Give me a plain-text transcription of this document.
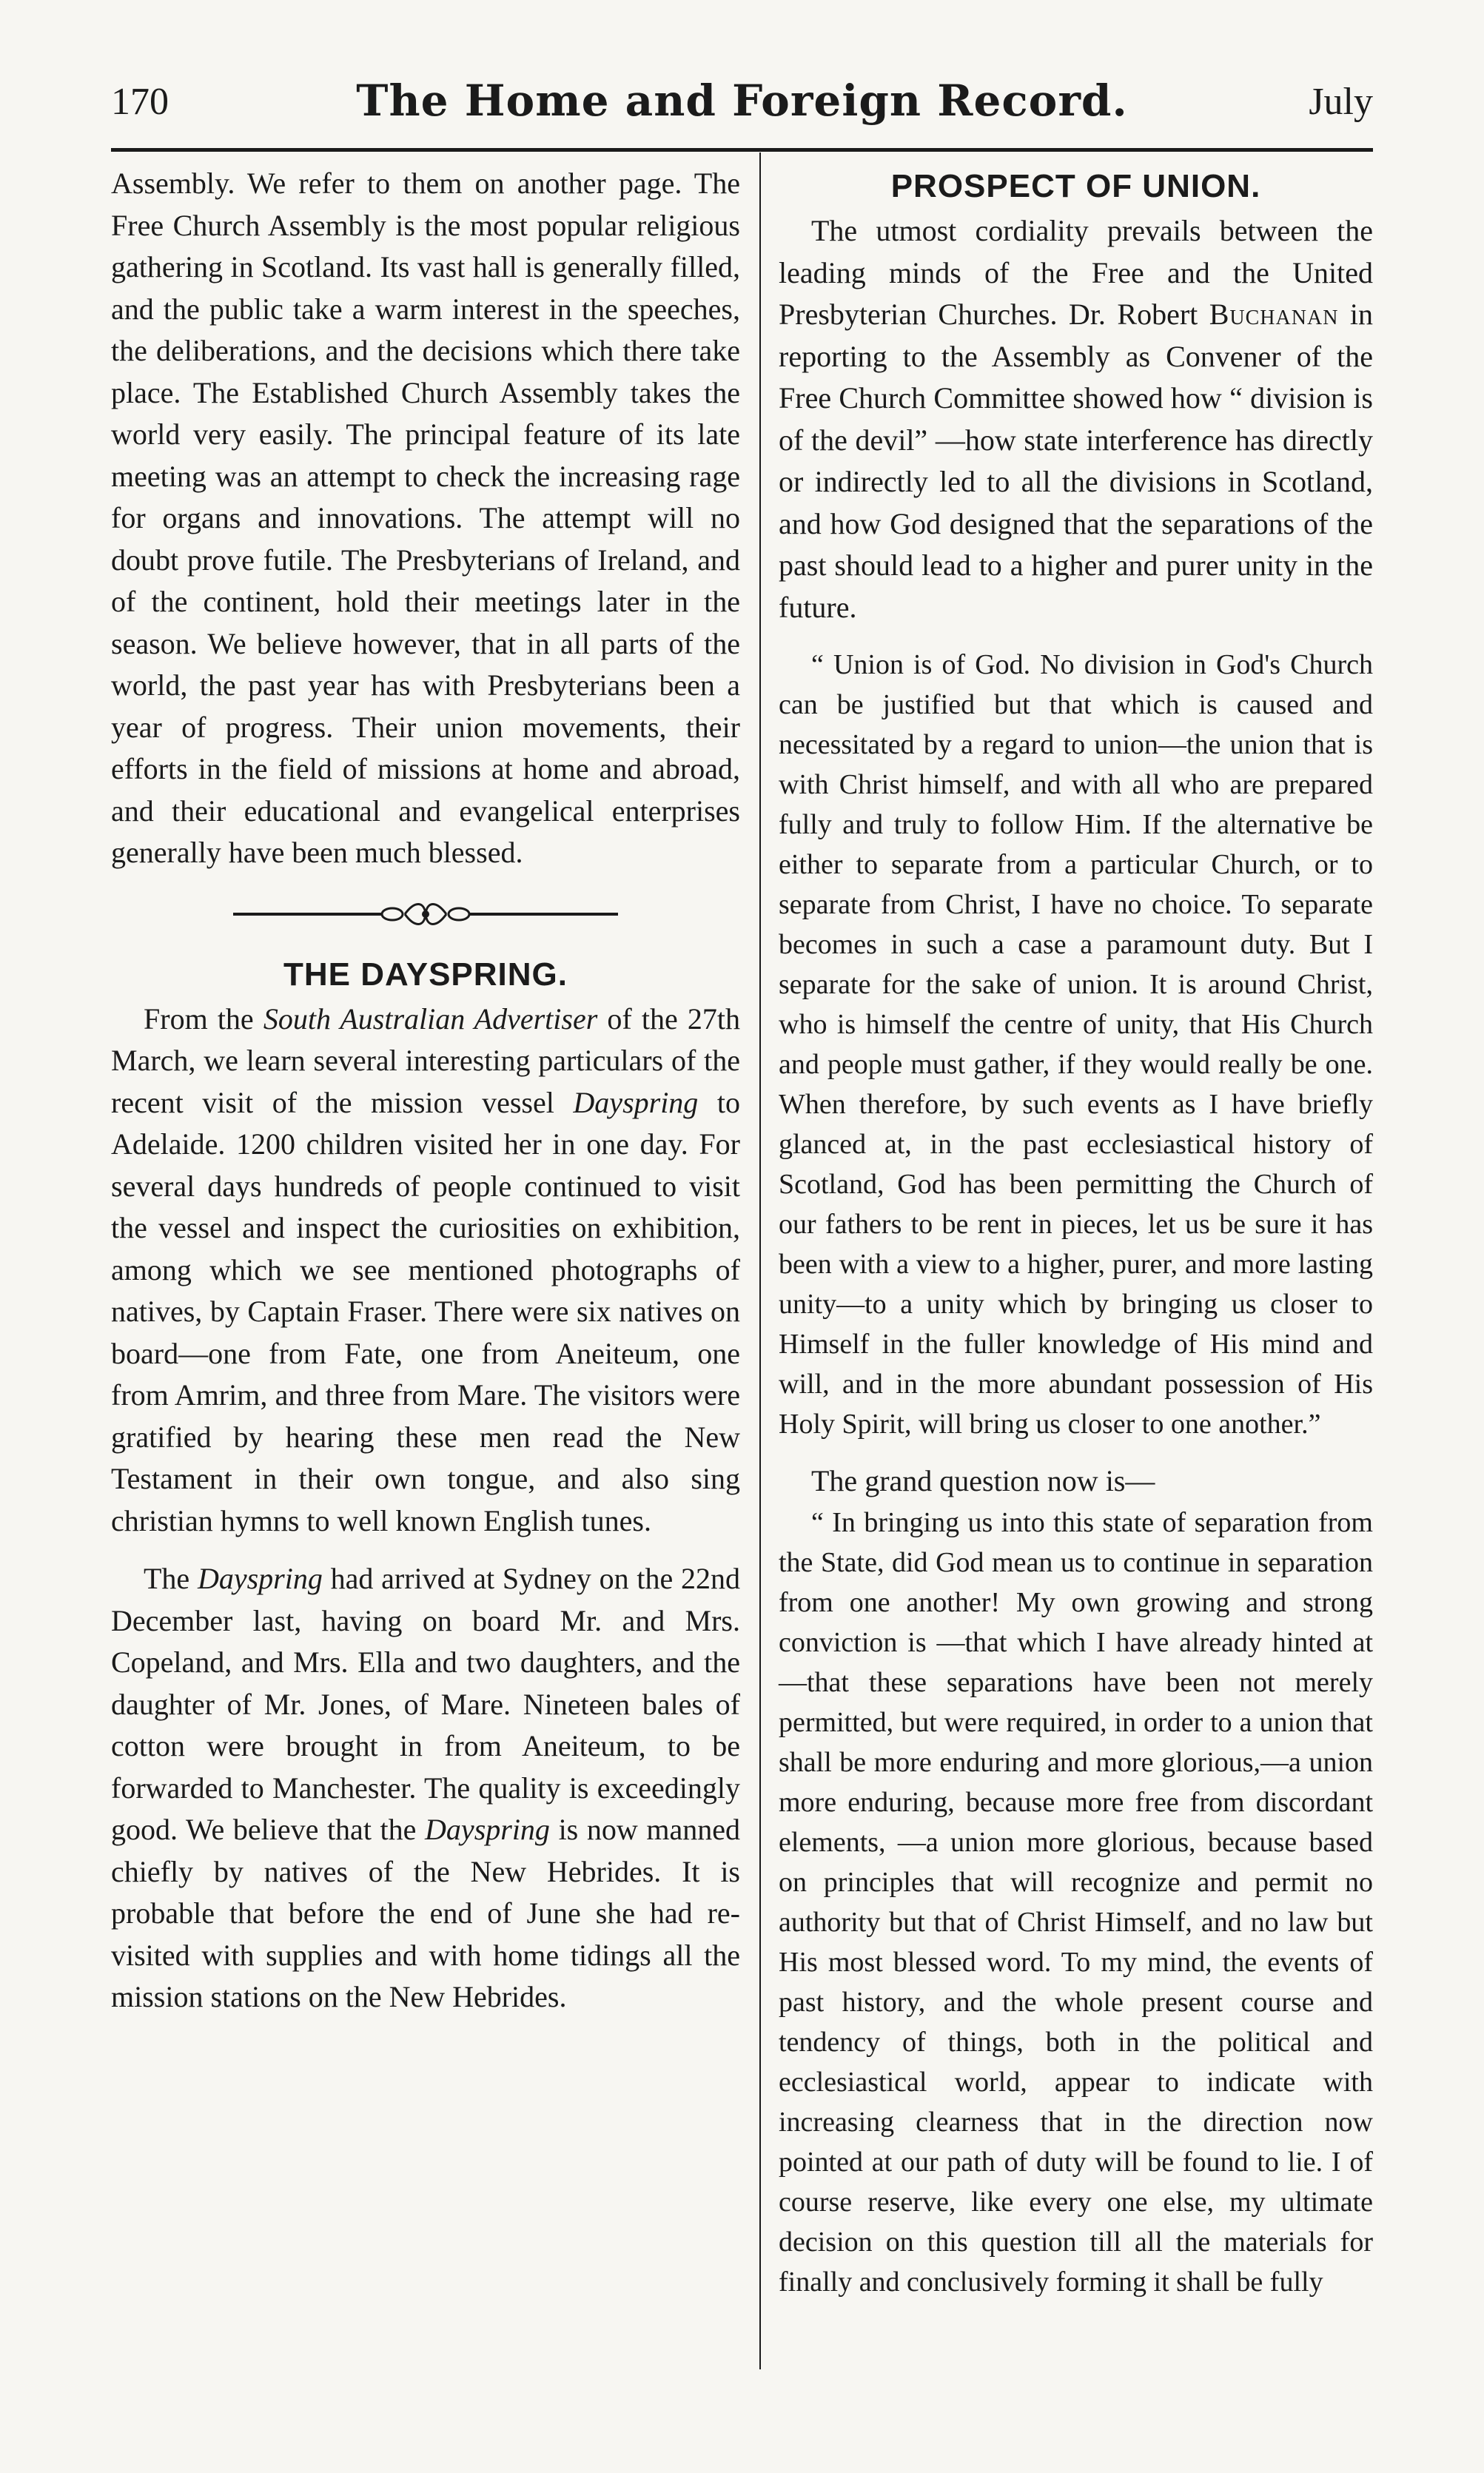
170	The Home and Foreign Record.	July

Assembly. We refer to them on another page. The Free Church Assembly is the most popular religious gathering in Scotland. Its vast hall is generally filled, and the public take a warm interest in the speeches, the deliberations, and the decisions which there take place. The Established Church Assembly takes the world very easily. The principal feature of its late meeting was an attempt to check the increasing rage for organs and innovations. The attempt will no doubt prove futile. The Presbyterians of Ireland, and of the continent, hold their meetings later in the season. We believe however, that in all parts of the world, the past year has with Presbyterians been a year of progress. Their union movements, their efforts in the field of missions at home and abroad, and their educational and evangelical enterprises generally have been much blessed.

THE DAYSPRING.

From the South Australian Advertiser of the 27th March, we learn several interesting particulars of the recent visit of the mission vessel Dayspring to Adelaide. 1200 children visited her in one day. For several days hundreds of people continued to visit the vessel and inspect the curiosities on exhibition, among which we see mentioned photographs of natives, by Captain Fraser. There were six natives on board—one from Fate, one from Aneiteum, one from Amrim, and three from Mare. The visitors were gratified by hearing these men read the New Testament in their own tongue, and also sing christian hymns to well known English tunes.

The Dayspring had arrived at Sydney on the 22nd December last, having on board Mr. and Mrs. Copeland, and Mrs. Ella and two daughters, and the daughter of Mr. Jones, of Mare. Nineteen bales of cotton were brought in from Aneiteum, to be forwarded to Manchester. The quality is exceedingly good. We believe that the Dayspring is now manned chiefly by natives of the New Hebrides. It is probable that before the end of June she had re-visited with supplies and with home tidings all the mission stations on the New Hebrides.

PROSPECT OF UNION.

The utmost cordiality prevails between the leading minds of the Free and the United Presbyterian Churches. Dr. Robert Buchanan in reporting to the Assembly as Convener of the Free Church Committee showed how “ division is of the devil” —how state interference has directly or indirectly led to all the divisions in Scotland, and how God designed that the separations of the past should lead to a higher and purer unity in the future.

“ Union is of God. No division in God's Church can be justified but that which is caused and necessitated by a regard to union—the union that is with Christ himself, and with all who are prepared fully and truly to follow Him. If the alternative be either to separate from a particular Church, or to separate from Christ, I have no choice. To separate becomes in such a case a paramount duty. But I separate for the sake of union. It is around Christ, who is himself the centre of unity, that His Church and people must gather, if they would really be one. When therefore, by such events as I have briefly glanced at, in the past ecclesiastical history of Scotland, God has been permitting the Church of our fathers to be rent in pieces, let us be sure it has been with a view to a higher, purer, and more lasting unity—to a unity which by bringing us closer to Himself in the fuller knowledge of His mind and will, and in the more abundant possession of His Holy Spirit, will bring us closer to one another.”

The grand question now is—

“ In bringing us into this state of separation from the State, did God mean us to continue in separation from one another! My own growing and strong conviction is —that which I have already hinted at—that these separations have been not merely permitted, but were required, in order to a union that shall be more enduring and more glorious,—a union more enduring, because more free from discordant elements, —a union more glorious, because based on principles that will recognize and permit no authority but that of Christ Himself, and no law but His most blessed word. To my mind, the events of past history, and the whole present course and tendency of things, both in the political and ecclesiastical world, appear to indicate with increasing clearness that in the direction now pointed at our path of duty will be found to lie. I of course reserve, like every one else, my ultimate decision on this question till all the materials for finally and conclusively forming it shall be fully
